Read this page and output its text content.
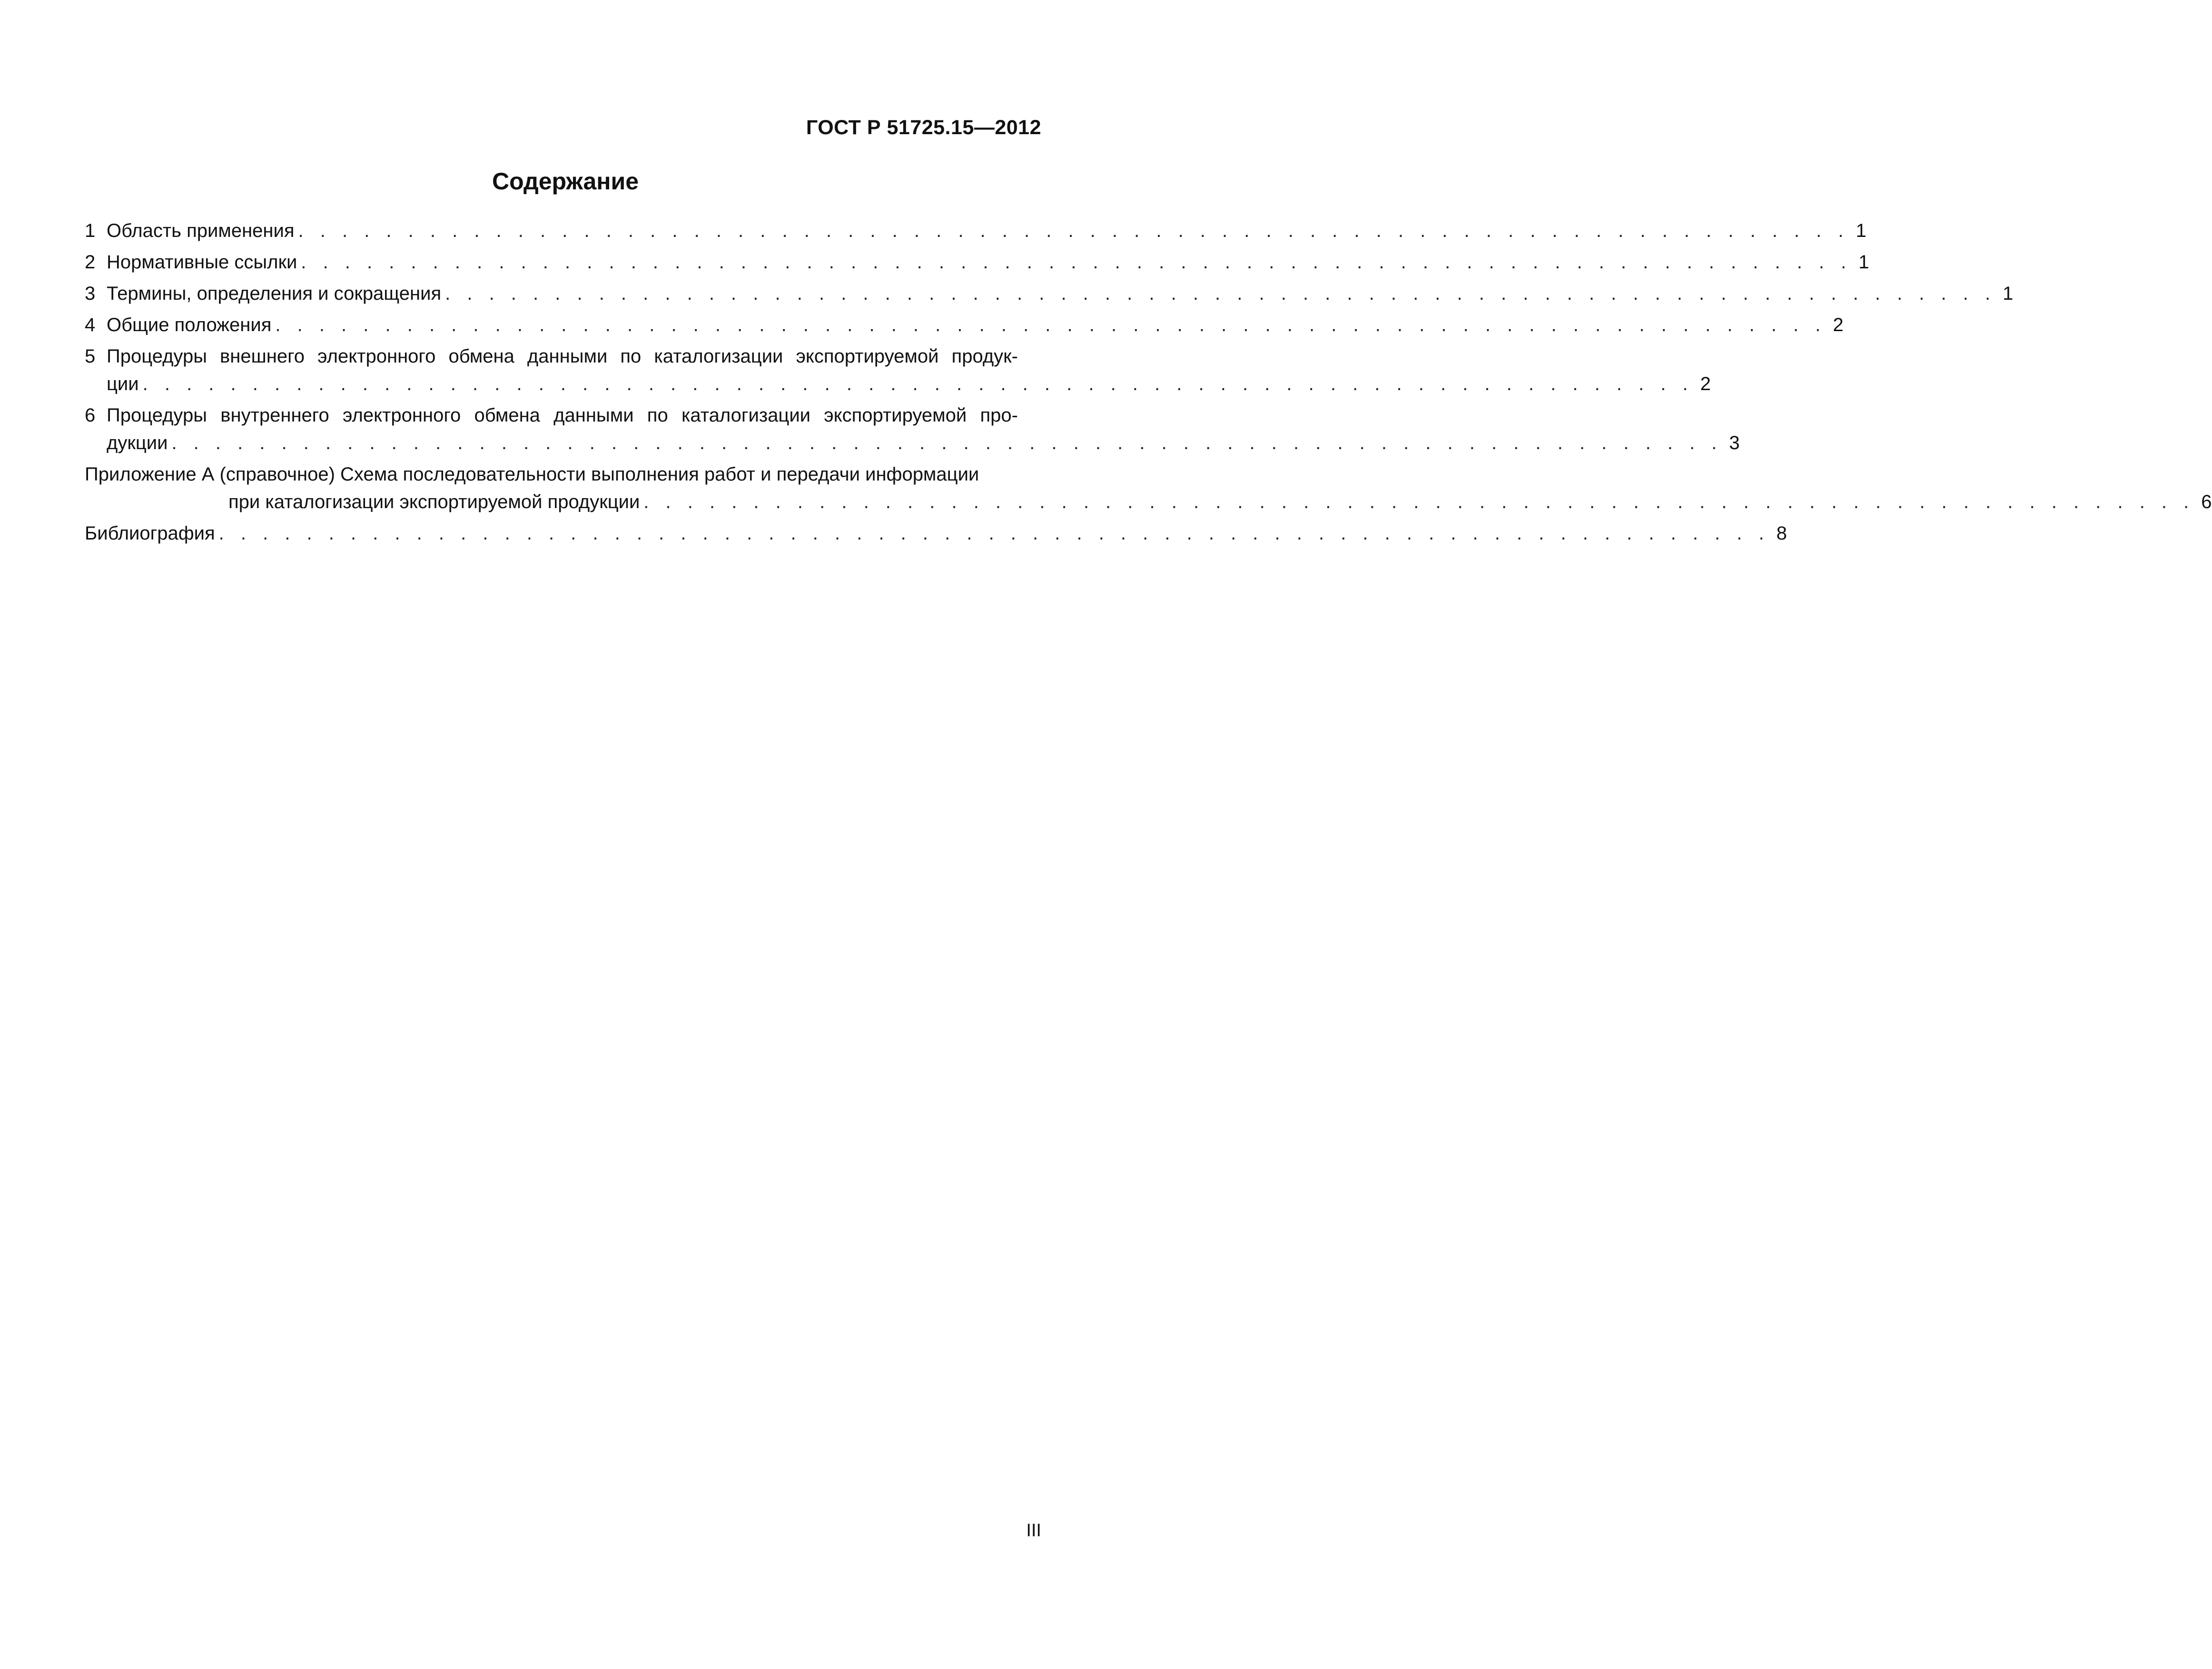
ГОСТ Р 51725.15—2012
Содержание
1 Область применения . . . . . . . . . . . . . . . . . . . . . . . . . . . . . . . . . . . . . . . . . . . . . . . . . . . . . . . . . . . . . . . . . . . . . . . 1
2 Нормативные ссылки . . . . . . . . . . . . . . . . . . . . . . . . . . . . . . . . . . . . . . . . . . . . . . . . . . . . . . . . . . . . . . . . . . . . . . . 1
3 Термины, определения и сокращения . . . . . . . . . . . . . . . . . . . . . . . . . . . . . . . . . . . . . . . . . . . . . . . . . . . . . . . . . . . . . . . . . . . . . . . 1
4 Общие положения . . . . . . . . . . . . . . . . . . . . . . . . . . . . . . . . . . . . . . . . . . . . . . . . . . . . . . . . . . . . . . . . . . . . . . . 2
5 Процедуры внешнего электронного обмена данными по каталогизации экспортируемой продук-
ции . . . . . . . . . . . . . . . . . . . . . . . . . . . . . . . . . . . . . . . . . . . . . . . . . . . . . . . . . . . . . . . . . . . . . . . 2
6 Процедуры внутреннего электронного обмена данными по каталогизации экспортируемой про-
дукции . . . . . . . . . . . . . . . . . . . . . . . . . . . . . . . . . . . . . . . . . . . . . . . . . . . . . . . . . . . . . . . . . . . . . . . 3
Приложение А (справочное) Схема последовательности выполнения работ и передачи информации
при каталогизации экспортируемой продукции . . . . . . . . . . . . . . . . . . . . . . . . . . . . . . . . . . . . . . . . . . . . . . . . . . . . . . . . . . . . . . . . . . . . . . . 6
Библиография . . . . . . . . . . . . . . . . . . . . . . . . . . . . . . . . . . . . . . . . . . . . . . . . . . . . . . . . . . . . . . . . . . . . . . . 8
III
